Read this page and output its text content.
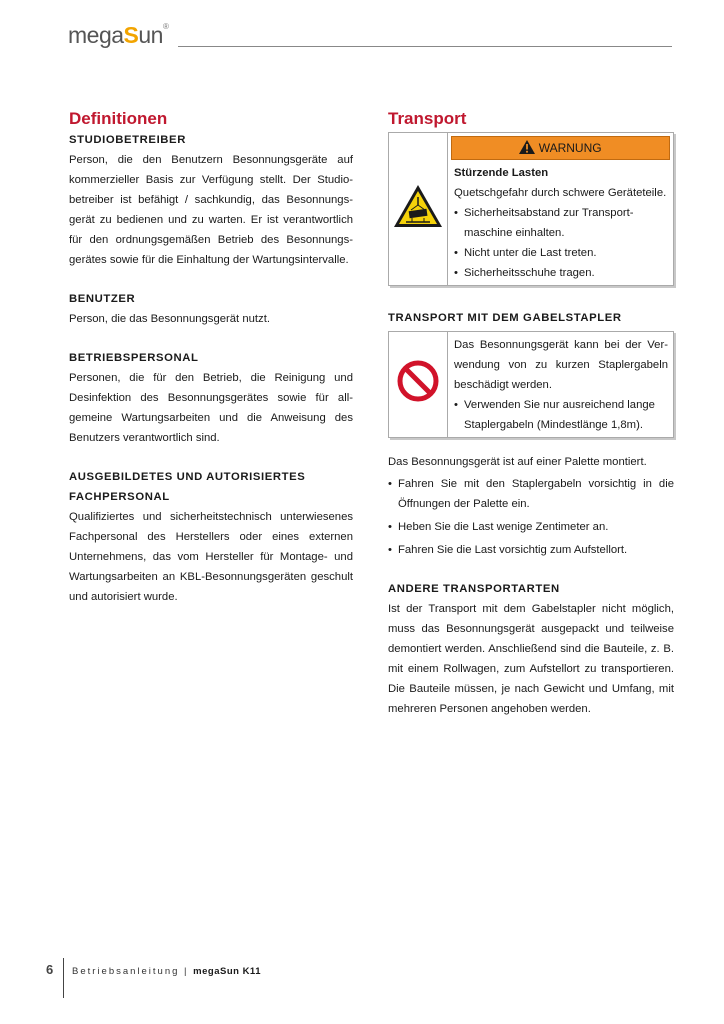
megaSun®
Definitionen
STUDIOBETREIBER

Person, die den Benutzern Besonnungsgeräte auf kommerzieller Basis zur Verfügung stellt. Der Studiobetreiber ist befähigt / sachkundig, das Besonnungsgerät zu bedienen und zu warten. Er ist verantwortlich für den ordnungsgemäßen Betrieb des Besonnungsgerätes sowie für die Einhaltung der Wartungsintervalle.

BENUTZER

Person, die das Besonnungsgerät nutzt.

BETRIEBSPERSONAL

Personen, die für den Betrieb, die Reinigung und Desinfektion des Besonnungsgerätes sowie für allgemeine Wartungsarbeiten und die Anweisung des Benutzers verantwortlich sind.

AUSGEBILDETES UND AUTORISIERTES
FACHPERSONAL

Qualifiziertes und sicherheitstechnisch unterwiesenes Fachpersonal des Herstellers oder eines externen Unternehmens, das vom Hersteller für Montage- und Wartungsarbeiten an KBL-Besonnungsgeräten geschult und autorisiert wurde.

Transport

WARNUNG
Stürzende Lasten

Quetschgefahr durch schwere Geräteteile.

• Sicherheitsabstand zur Transportmaschine einhalten.
• Nicht unter die Last treten.
• Sicherheitsschuhe tragen.
TRANSPORT MIT DEM GABELSTAPLER

Das Besonnungsgerät kann bei der Verwendung von zu kurzen Staplergabeln beschädigt werden.

• Verwenden Sie nur ausreichend lange Staplergabeln (Mindestlänge 1,8m).

Das Besonnungsgerät ist auf einer Palette montiert.

• Fahren Sie mit den Staplergabeln vorsichtig in die Öffnungen der Palette ein.
• Heben Sie die Last wenige Zentimeter an.
• Fahren Sie die Last vorsichtig zum Aufstellort.
ANDERE TRANSPORTARTEN

Ist der Transport mit dem Gabelstapler nicht möglich, muss das Besonnungsgerät ausgepackt und teilweise demontiert werden. Anschließend sind die Bauteile, z. B. mit einem Rollwagen, zum Aufstellort zu transportieren. Die Bauteile müssen, je nach Gewicht und Umfang, mit mehreren Personen angehoben werden.

6 Betriebsanleitung | megaSun K11
